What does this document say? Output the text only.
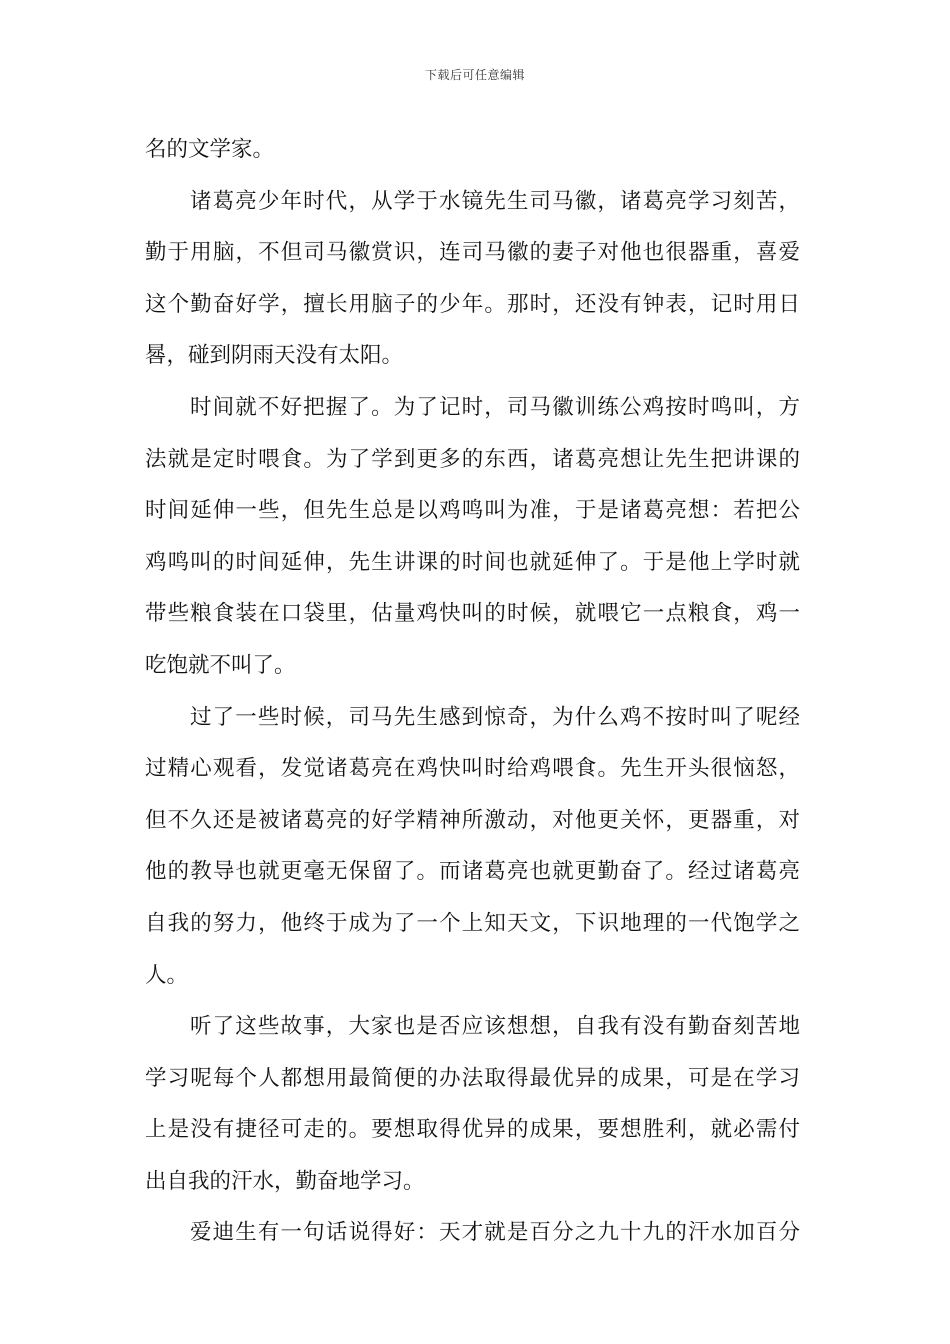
下载后可任意编辑
名的文学家。
诸葛亮少年时代，从学于水镜先生司马徽，诸葛亮学习刻苦，
勤于用脑，不但司马徽赏识，连司马徽的妻子对他也很器重，喜爱
这个勤奋好学，擅长用脑子的少年。那时，还没有钟表，记时用日
晷，碰到阴雨天没有太阳。
时间就不好把握了。为了记时，司马徽训练公鸡按时鸣叫，方
法就是定时喂食。为了学到更多的东西，诸葛亮想让先生把讲课的
时间延伸一些，但先生总是以鸡鸣叫为准，于是诸葛亮想：若把公
鸡鸣叫的时间延伸，先生讲课的时间也就延伸了。于是他上学时就
带些粮食装在口袋里，估量鸡快叫的时候，就喂它一点粮食，鸡一
吃饱就不叫了。
过了一些时候，司马先生感到惊奇，为什么鸡不按时叫了呢经
过精心观看，发觉诸葛亮在鸡快叫时给鸡喂食。先生开头很恼怒，
但不久还是被诸葛亮的好学精神所激动，对他更关怀，更器重，对
他的教导也就更毫无保留了。而诸葛亮也就更勤奋了。经过诸葛亮
自我的努力，他终于成为了一个上知天文，下识地理的一代饱学之
人。
听了这些故事，大家也是否应该想想，自我有没有勤奋刻苦地
学习呢每个人都想用最简便的办法取得最优异的成果，可是在学习
上是没有捷径可走的。要想取得优异的成果，要想胜利，就必需付
出自我的汗水，勤奋地学习。
爱迪生有一句话说得好：天才就是百分之九十九的汗水加百分
